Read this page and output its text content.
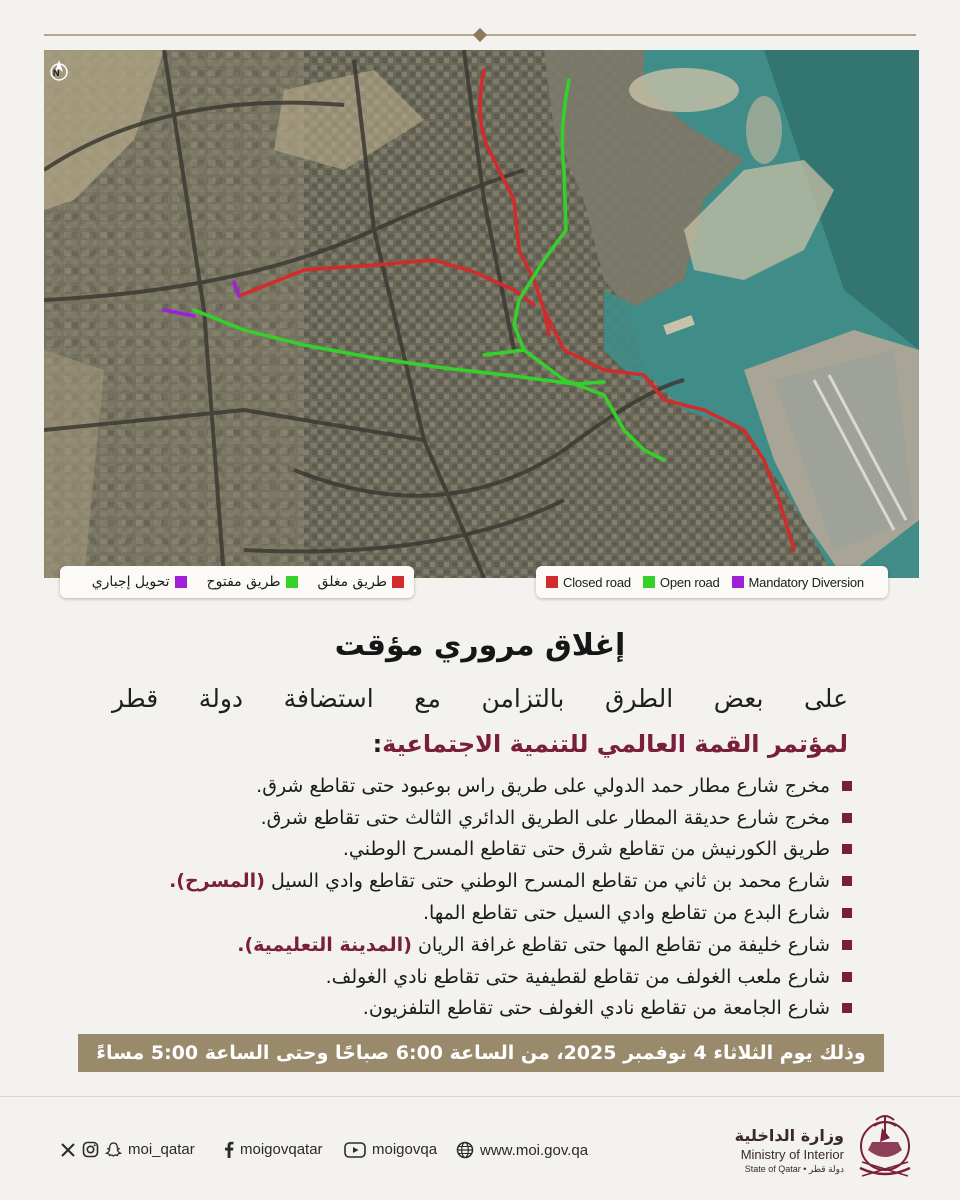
N
طريق مغلق
طريق مفتوح
تحويل إجباري	Closed road Open road Mandatory Diversion
إغلاق مروري مؤقت
على بعض الطرق بالتزامن مع استضافة دولة قطر
لمؤتمر القمة العالمي للتنمية الاجتماعية:
مخرج شارع مطار حمد الدولي على طريق راس بوعبود حتى تقاطع شرق.
مخرج شارع حديقة المطار على الطريق الدائري الثالث حتى تقاطع شرق.
طريق الكورنيش من تقاطع شرق حتى تقاطع المسرح الوطني.
شارع محمد بن ثاني من تقاطع المسرح الوطني حتى تقاطع وادي السيل

(المسرح).
شارع البدع من تقاطع وادي السيل حتى تقاطع المها.
شارع خليفة من تقاطع المها حتى تقاطع غرافة الريان

(المدينة التعليمية).
شارع ملعب الغولف من تقاطع لقطيفية حتى تقاطع نادي الغولف.
شارع الجامعة من تقاطع نادي الغولف حتى تقاطع التلفزيون.
وذلك يوم الثلاثاء 4 نوفمبر 2025، من الساعة 6:00 صباحًا وحتى الساعة 5:00 مساءً
moi_qatar	moigovqatar	moigovqa	www.moi.gov.qa
وزارة الداخلية
Ministry of Interior
State of Qatar • دولة قطر
